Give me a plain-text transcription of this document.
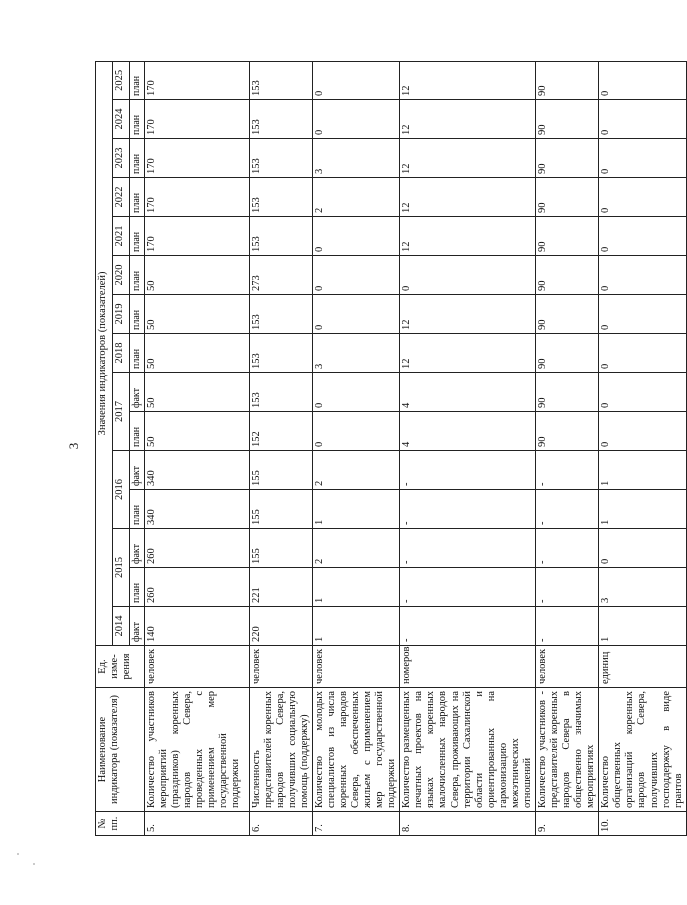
3
№ пп.	Наименование индикатора (показателя)	Ед. изме-рения	Значения индикаторов (показателей)														
			2014	2015		2016		2017		2018	2019	2020	2021	2022	2023	2024	2025
			факт	план	факт	план	факт	план	факт	план	план	план	план	план	план	план	план
5.	Количество участников мероприятий (праздников) коренных народов Севера, проведенных с применением мер государственной поддержки	человек	140	260	260	340	340	50	50	50	50	50	170	170	170	170	170
6.	Численность представителей коренных народов Севера, получивших социальную помощь (поддержку)	человек	220	221	155	155	155	152	153	153	153	273	153	153	153	153	153
7.	Количество молодых специалистов из числа коренных народов Севера, обеспеченных жильем с применением мер государственной поддержки	человек	1	1	2	1	2	0	0	3	0	0	0	2	3	0	0
8.	Количество размещенных печатных проектов на языках коренных малочисленных народов Севера, проживающих на территории Сахалинской области и ориентированных на гармонизацию межэтнических отношений	номеров	-	-	-	-	-	4	4	12	12	0	12	12	12	12	12
9.	Количество участников - представителей коренных народов Севера в общественно значимых мероприятиях	человек	-	-	-	-	-	90	90	90	90	90	90	90	90	90	90
10.	Количество общественных организаций коренных народов Севера, получивших господдержку в виде грантов	единиц	1	3	0	1	1	0	0	0	0	0	0	0	0	0	0
